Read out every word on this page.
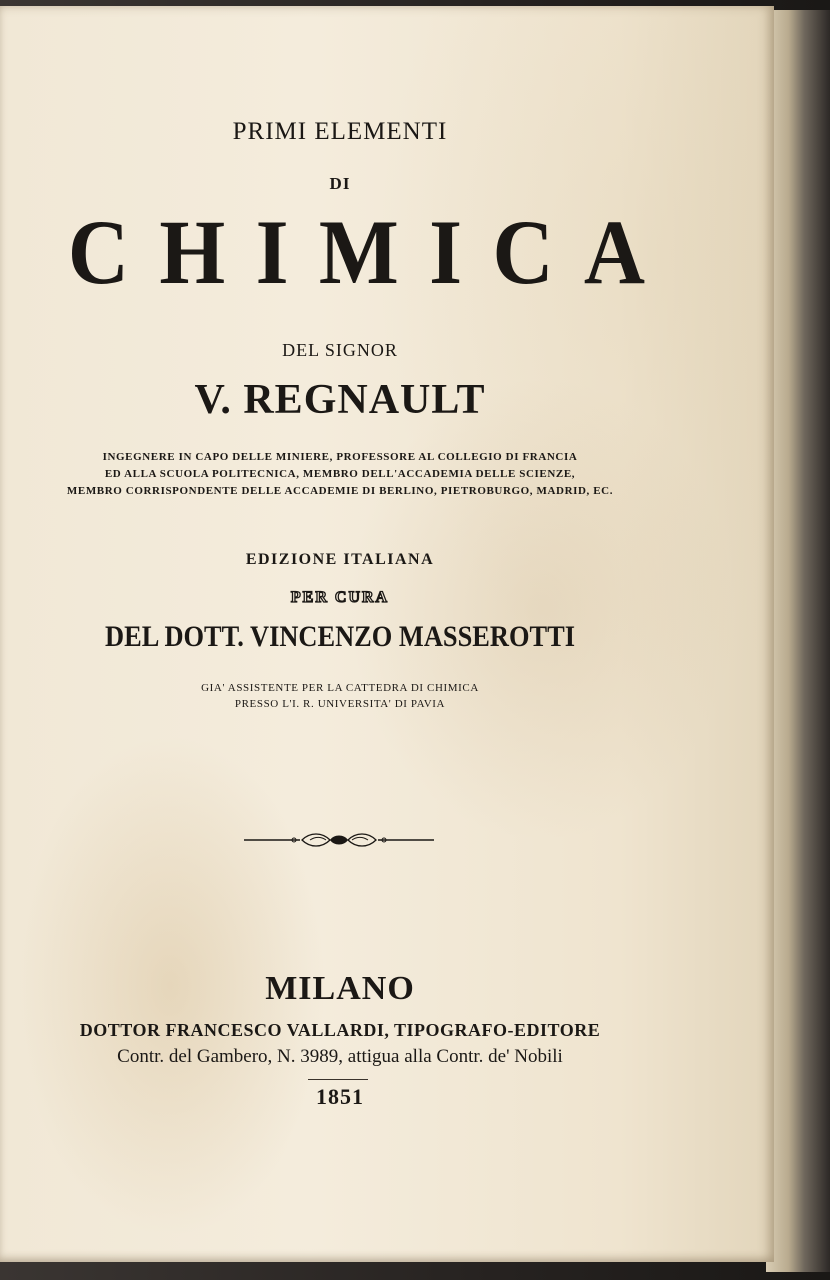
PRIMI ELEMENTI
DI
CHIMICA
DEL SIGNOR
V. REGNAULT
INGEGNERE IN CAPO DELLE MINIERE, PROFESSORE AL COLLEGIO DI FRANCIA
ED ALLA SCUOLA POLITECNICA, MEMBRO DELL'ACCADEMIA DELLE SCIENZE,
MEMBRO CORRISPONDENTE DELLE ACCADEMIE DI BERLINO, PIETROBURGO, MADRID, EC.
EDIZIONE ITALIANA
PER CURA
DEL DOTT. VINCENZO MASSEROTTI
GIA' ASSISTENTE PER LA CATTEDRA DI CHIMICA
PRESSO L'I. R. UNIVERSITA' DI PAVIA
MILANO
DOTTOR FRANCESCO VALLARDI, TIPOGRAFO-EDITORE
Contr. del Gambero, N. 3989, attigua alla Contr. de' Nobili
1851
